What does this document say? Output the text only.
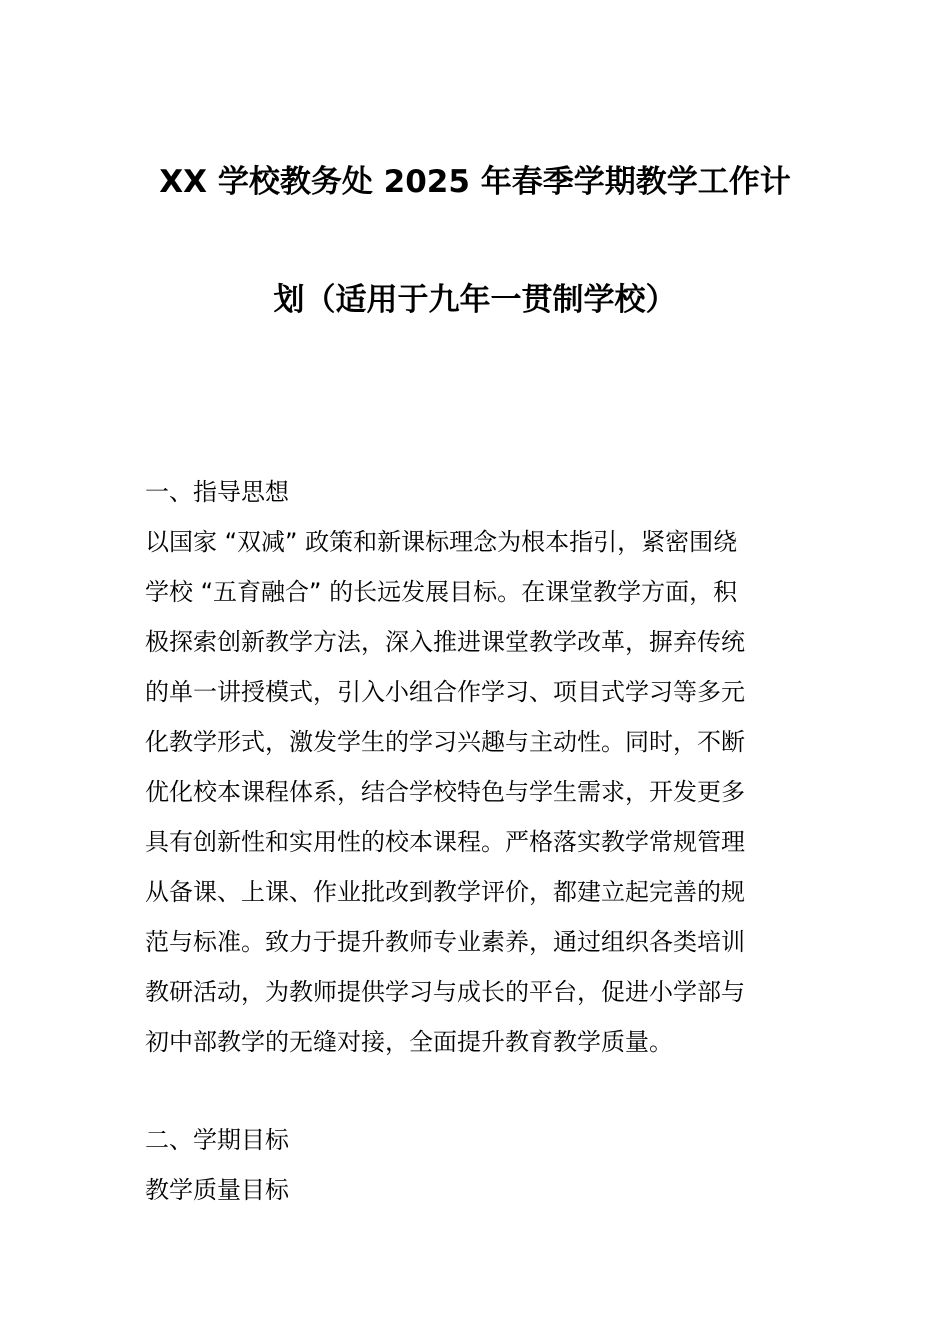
XX 学校教务处 2025 年春季学期教学工作计
划（适用于九年一贯制学校）
一、指导思想
以国家 “双减” 政策和新课标理念为根本指引，紧密围绕
学校 “五育融合” 的长远发展目标。在课堂教学方面，积
极探索创新教学方法，深入推进课堂教学改革，摒弃传统
的单一讲授模式，引入小组合作学习、项目式学习等多元
化教学形式，激发学生的学习兴趣与主动性。同时，不断
优化校本课程体系，结合学校特色与学生需求，开发更多
具有创新性和实用性的校本课程。严格落实教学常规管理
从备课、上课、作业批改到教学评价，都建立起完善的规
范与标准。致力于提升教师专业素养，通过组织各类培训
教研活动，为教师提供学习与成长的平台，促进小学部与
初中部教学的无缝对接，全面提升教育教学质量。
二、学期目标
教学质量目标
